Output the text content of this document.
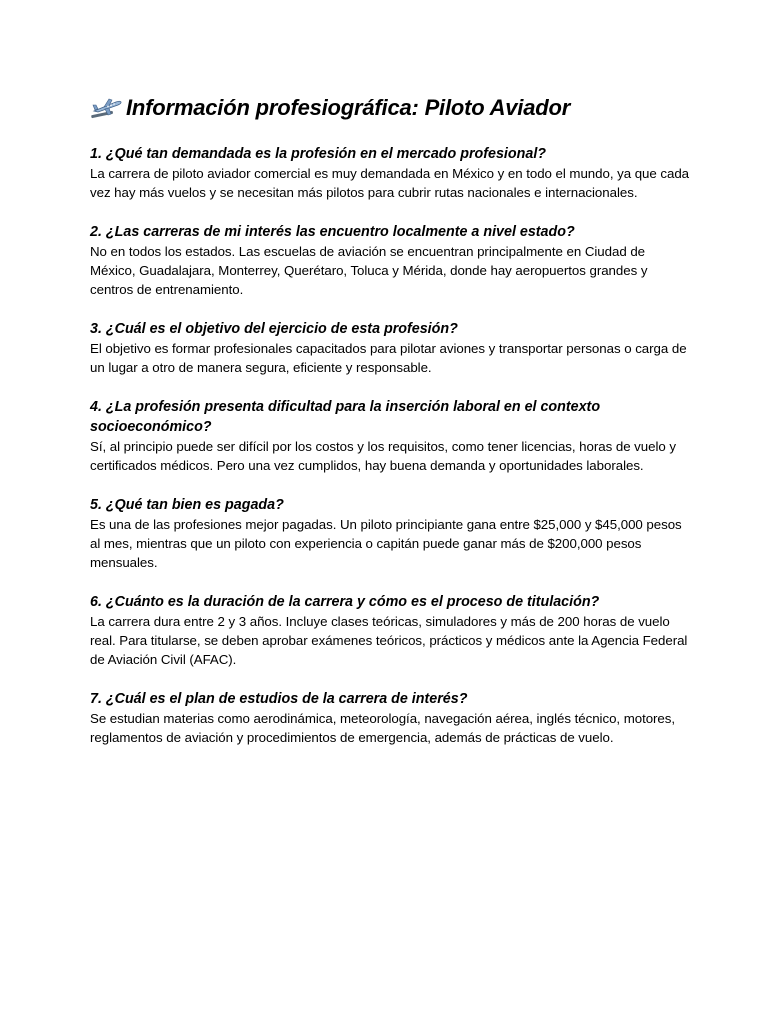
Información profesiográfica: Piloto Aviador

1. ¿Qué tan demandada es la profesión en el mercado profesional?

La carrera de piloto aviador comercial es muy demandada en México y en todo el mundo, ya que cada vez hay más vuelos y se necesitan más pilotos para cubrir rutas nacionales e internacionales.

2. ¿Las carreras de mi interés las encuentro localmente a nivel estado?

No en todos los estados. Las escuelas de aviación se encuentran principalmente en Ciudad de México, Guadalajara, Monterrey, Querétaro, Toluca y Mérida, donde hay aeropuertos grandes y centros de entrenamiento.

3. ¿Cuál es el objetivo del ejercicio de esta profesión?

El objetivo es formar profesionales capacitados para pilotar aviones y transportar personas o carga de un lugar a otro de manera segura, eficiente y responsable.

4. ¿La profesión presenta dificultad para la inserción laboral en el contexto socioeconómico?

Sí, al principio puede ser difícil por los costos y los requisitos, como tener licencias, horas de vuelo y certificados médicos. Pero una vez cumplidos, hay buena demanda y oportunidades laborales.

5. ¿Qué tan bien es pagada?

Es una de las profesiones mejor pagadas. Un piloto principiante gana entre $25,000 y $45,000 pesos al mes, mientras que un piloto con experiencia o capitán puede ganar más de $200,000 pesos mensuales.

6. ¿Cuánto es la duración de la carrera y cómo es el proceso de titulación?

La carrera dura entre 2 y 3 años. Incluye clases teóricas, simuladores y más de 200 horas de vuelo real. Para titularse, se deben aprobar exámenes teóricos, prácticos y médicos ante la Agencia Federal de Aviación Civil (AFAC).

7. ¿Cuál es el plan de estudios de la carrera de interés?

Se estudian materias como aerodinámica, meteorología, navegación aérea, inglés técnico, motores, reglamentos de aviación y procedimientos de emergencia, además de prácticas de vuelo.
